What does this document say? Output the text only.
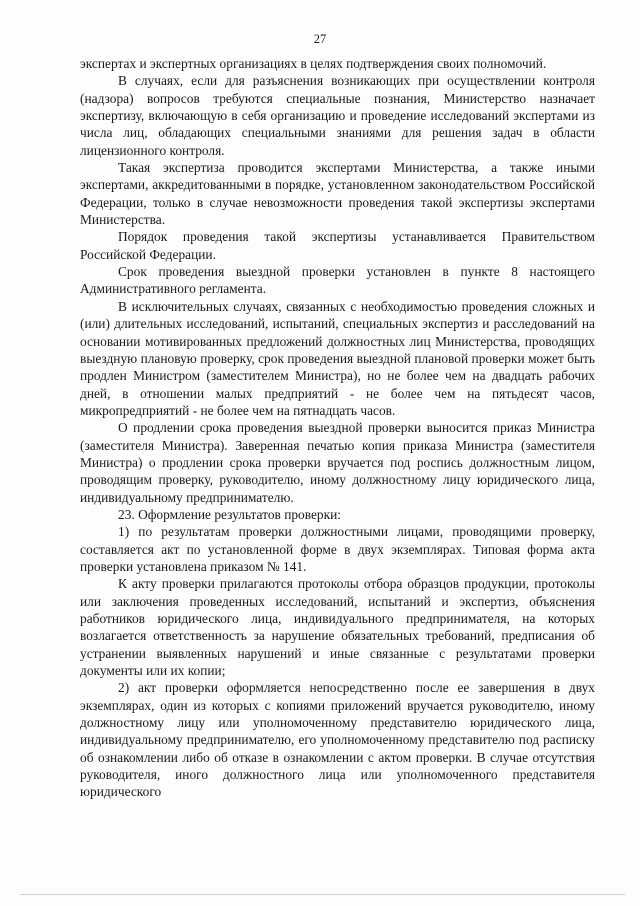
27

экспертах и экспертных организациях в целях подтверждения своих полномочий.

В случаях, если для разъяснения возникающих при осуществлении контроля (надзора) вопросов требуются специальные познания, Министерство назначает экспертизу, включающую в себя организацию и проведение исследований экспертами из числа лиц, обладающих специальными знаниями для решения задач в области лицензионного контроля.

Такая экспертиза проводится экспертами Министерства, а также иными экспертами, аккредитованными в порядке, установленном законодательством Российской Федерации, только в случае невозможности проведения такой экспертизы экспертами Министерства.

Порядок проведения такой экспертизы устанавливается Правительством Российской Федерации.

Срок проведения выездной проверки установлен в пункте 8 настоящего Административного регламента.

В исключительных случаях, связанных с необходимостью проведения сложных и (или) длительных исследований, испытаний, специальных экспертиз и расследований на основании мотивированных предложений должностных лиц Министерства, проводящих выездную плановую проверку, срок проведения выездной плановой проверки может быть продлен Министром (заместителем Министра), но не более чем на двадцать рабочих дней, в отношении малых предприятий - не более чем на пятьдесят часов, микропредприятий - не более чем на пятнадцать часов.

О продлении срока проведения выездной проверки выносится приказ Министра (заместителя Министра). Заверенная печатью копия приказа Министра (заместителя Министра) о продлении срока проверки вручается под роспись должностным лицом, проводящим проверку, руководителю, иному должностному лицу юридического лица, индивидуальному предпринимателю.

23. Оформление результатов проверки:

1) по результатам проверки должностными лицами, проводящими проверку, составляется акт по установленной форме в двух экземплярах. Типовая форма акта проверки установлена приказом № 141.

К акту проверки прилагаются протоколы отбора образцов продукции, протоколы или заключения проведенных исследований, испытаний и экспертиз, объяснения работников юридического лица, индивидуального предпринимателя, на которых возлагается ответственность за нарушение обязательных требований, предписания об устранении выявленных нарушений и иные связанные с результатами проверки документы или их копии;

2) акт проверки оформляется непосредственно после ее завершения в двух экземплярах, один из которых с копиями приложений вручается руководителю, иному должностному лицу или уполномоченному представителю юридического лица, индивидуальному предпринимателю, его уполномоченному представителю под расписку об ознакомлении либо об отказе в ознакомлении с актом проверки. В случае отсутствия руководителя, иного должностного лица или уполномоченного представителя юридического
